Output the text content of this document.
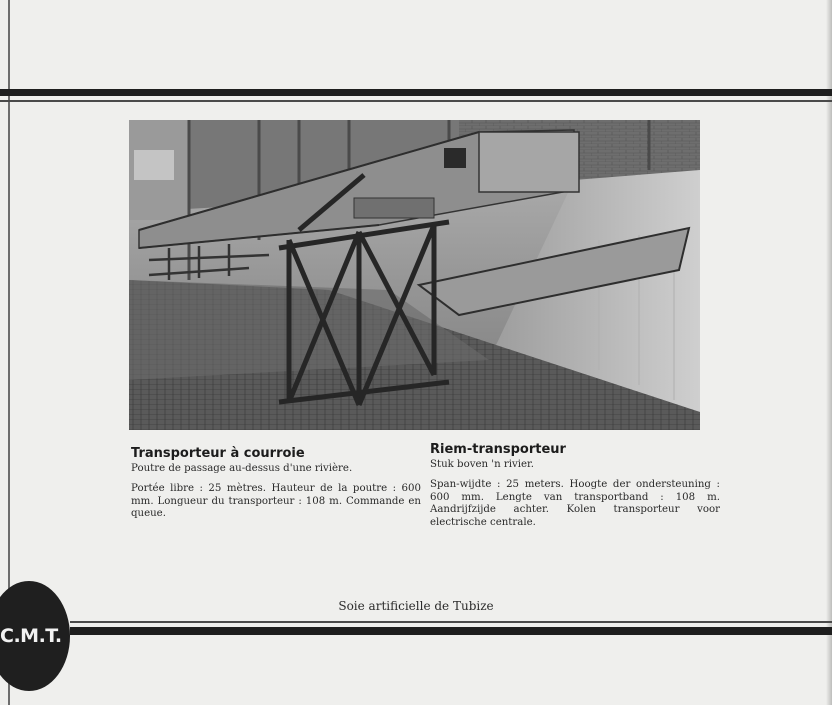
Transporteur à courroie

Poutre de passage au-dessus d'une rivière.

Portée libre : 25 mètres. Hauteur de la poutre : 600 mm. Longueur du transporteur : 108 m. Commande en queue.

Riem-transporteur

Stuk boven 'n rivier.

Span-wijdte : 25 meters. Hoogte der ondersteuning : 600 mm. Lengte van transportband : 108 m. Aandrijfzijde achter. Kolen transporteur voor electrische centrale.

Soie artificielle de Tubize
C.M.T.
